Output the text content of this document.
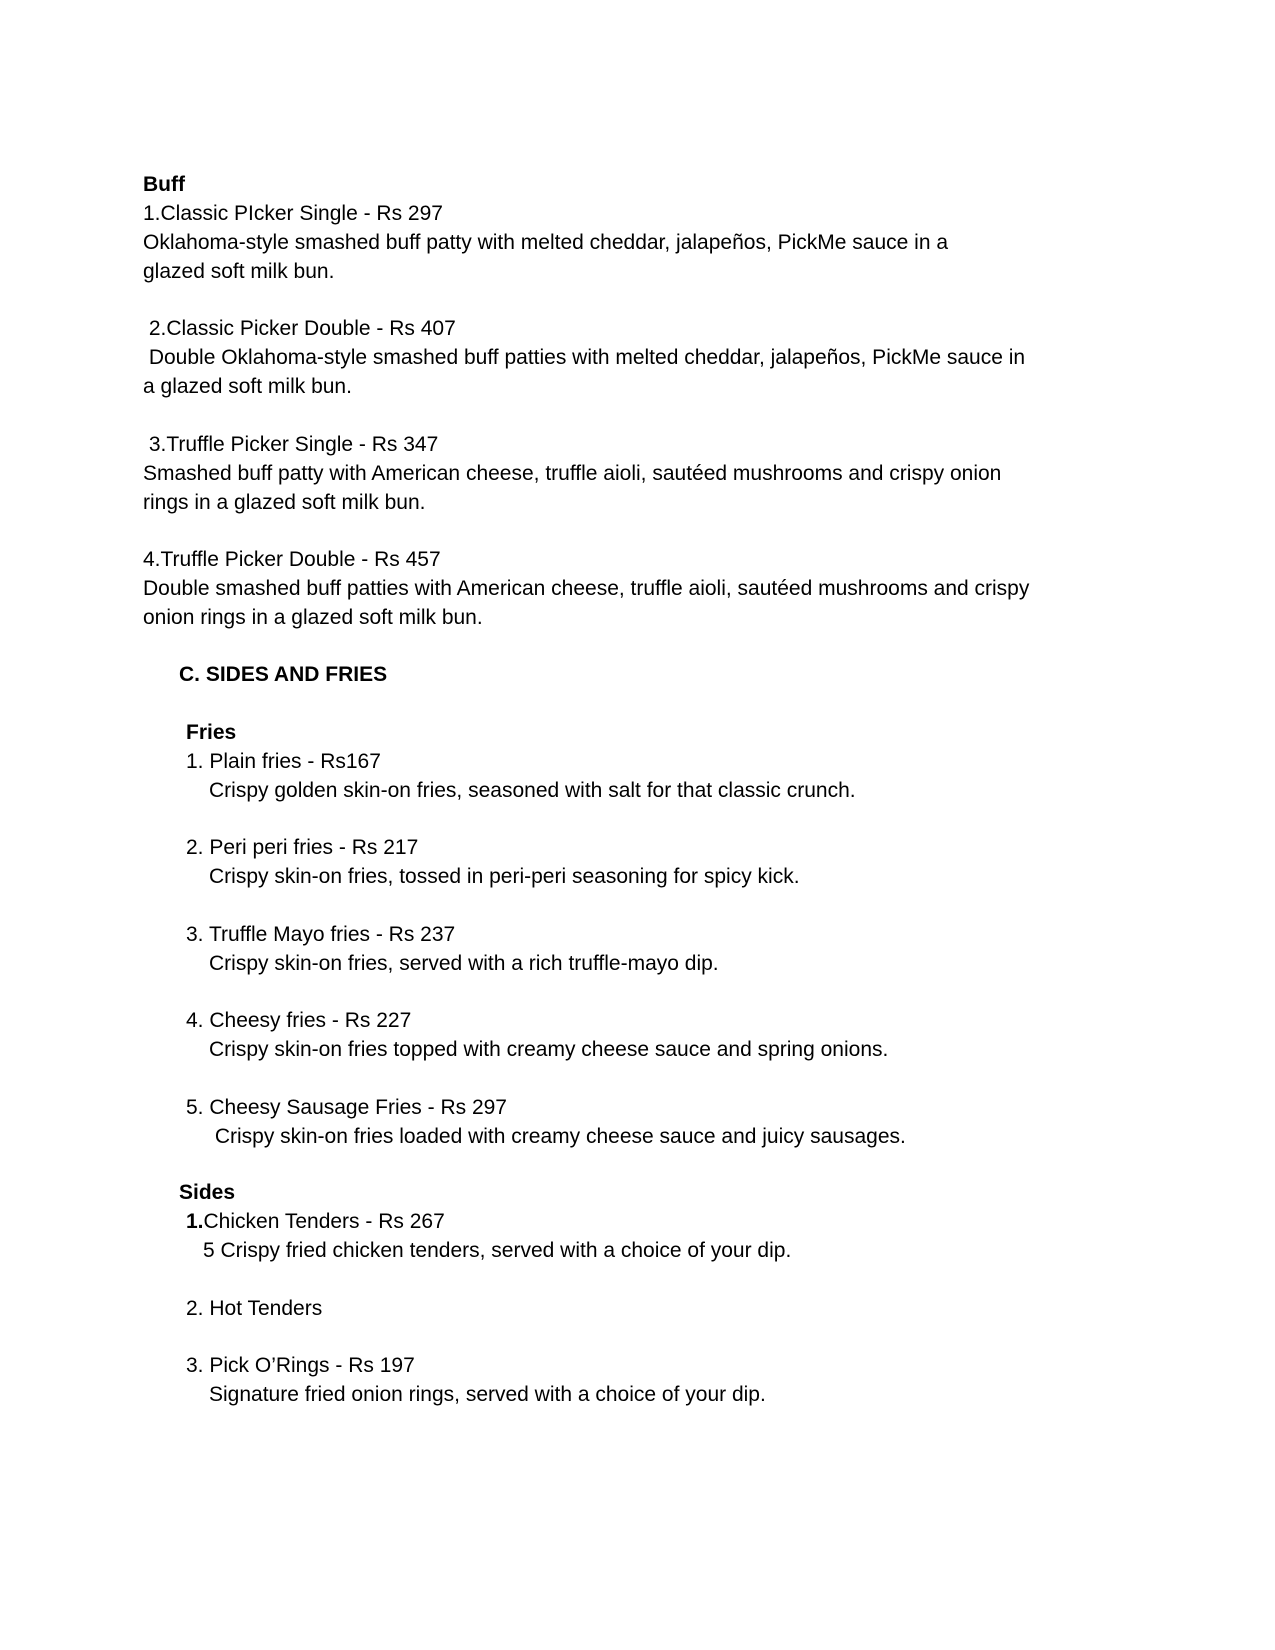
Buff
1.Classic PIcker Single - Rs 297
Oklahoma-style smashed buff patty with melted cheddar, jalapeños, PickMe sauce in a
glazed soft milk bun.
2.Classic Picker Double - Rs 407
Double Oklahoma-style smashed buff patties with melted cheddar, jalapeños, PickMe sauce in
a glazed soft milk bun.
3.Truffle Picker Single - Rs 347
Smashed buff patty with American cheese, truffle aioli, sautéed mushrooms and crispy onion
rings in a glazed soft milk bun.
4.Truffle Picker Double - Rs 457
Double smashed buff patties with American cheese, truffle aioli, sautéed mushrooms and crispy
onion rings in a glazed soft milk bun.
C. SIDES AND FRIES
Fries
1. Plain fries - Rs167
Crispy golden skin-on fries, seasoned with salt for that classic crunch.
2. Peri peri fries - Rs 217
Crispy skin-on fries, tossed in peri-peri seasoning for spicy kick.
3. Truffle Mayo fries - Rs 237
Crispy skin-on fries, served with a rich truffle-mayo dip.
4. Cheesy fries - Rs 227
Crispy skin-on fries topped with creamy cheese sauce and spring onions.
5. Cheesy Sausage Fries - Rs 297
Crispy skin-on fries loaded with creamy cheese sauce and juicy sausages.
Sides
1.Chicken Tenders - Rs 267
5 Crispy fried chicken tenders, served with a choice of your dip.
2. Hot Tenders
3. Pick O’Rings - Rs 197
Signature fried onion rings, served with a choice of your dip.
